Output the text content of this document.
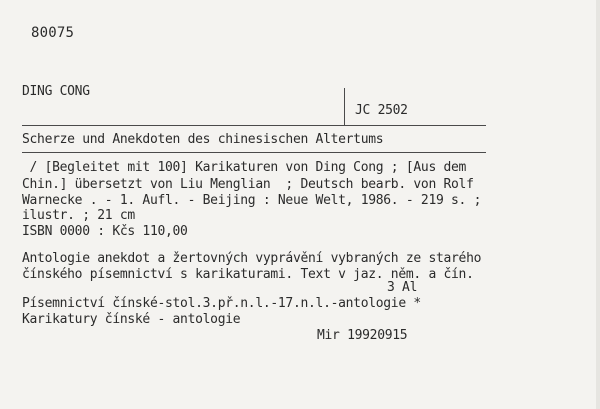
80075
DING CONG
JC 2502
Scherze und Anekdoten des chinesischen Altertums
/ [Begleitet mit 100] Karikaturen von Ding Cong ; [Aus dem
Chin.] übersetzt von Liu Menglian  ; Deutsch bearb. von Rolf
Warnecke . - 1. Aufl. - Beijing : Neue Welt, 1986. - 219 s. ;
ilustr. ; 21 cm
ISBN 0000 : Kčs 110,00
Antologie anekdot a žertovných vyprávění vybraných ze starého
čínského písemnictví s karikaturami. Text v jaz. něm. a čín.
3 Al
Písemnictví čínské-stol.3.př.n.l.-17.n.l.-antologie *
Karikatury čínské - antologie
Mir 19920915
